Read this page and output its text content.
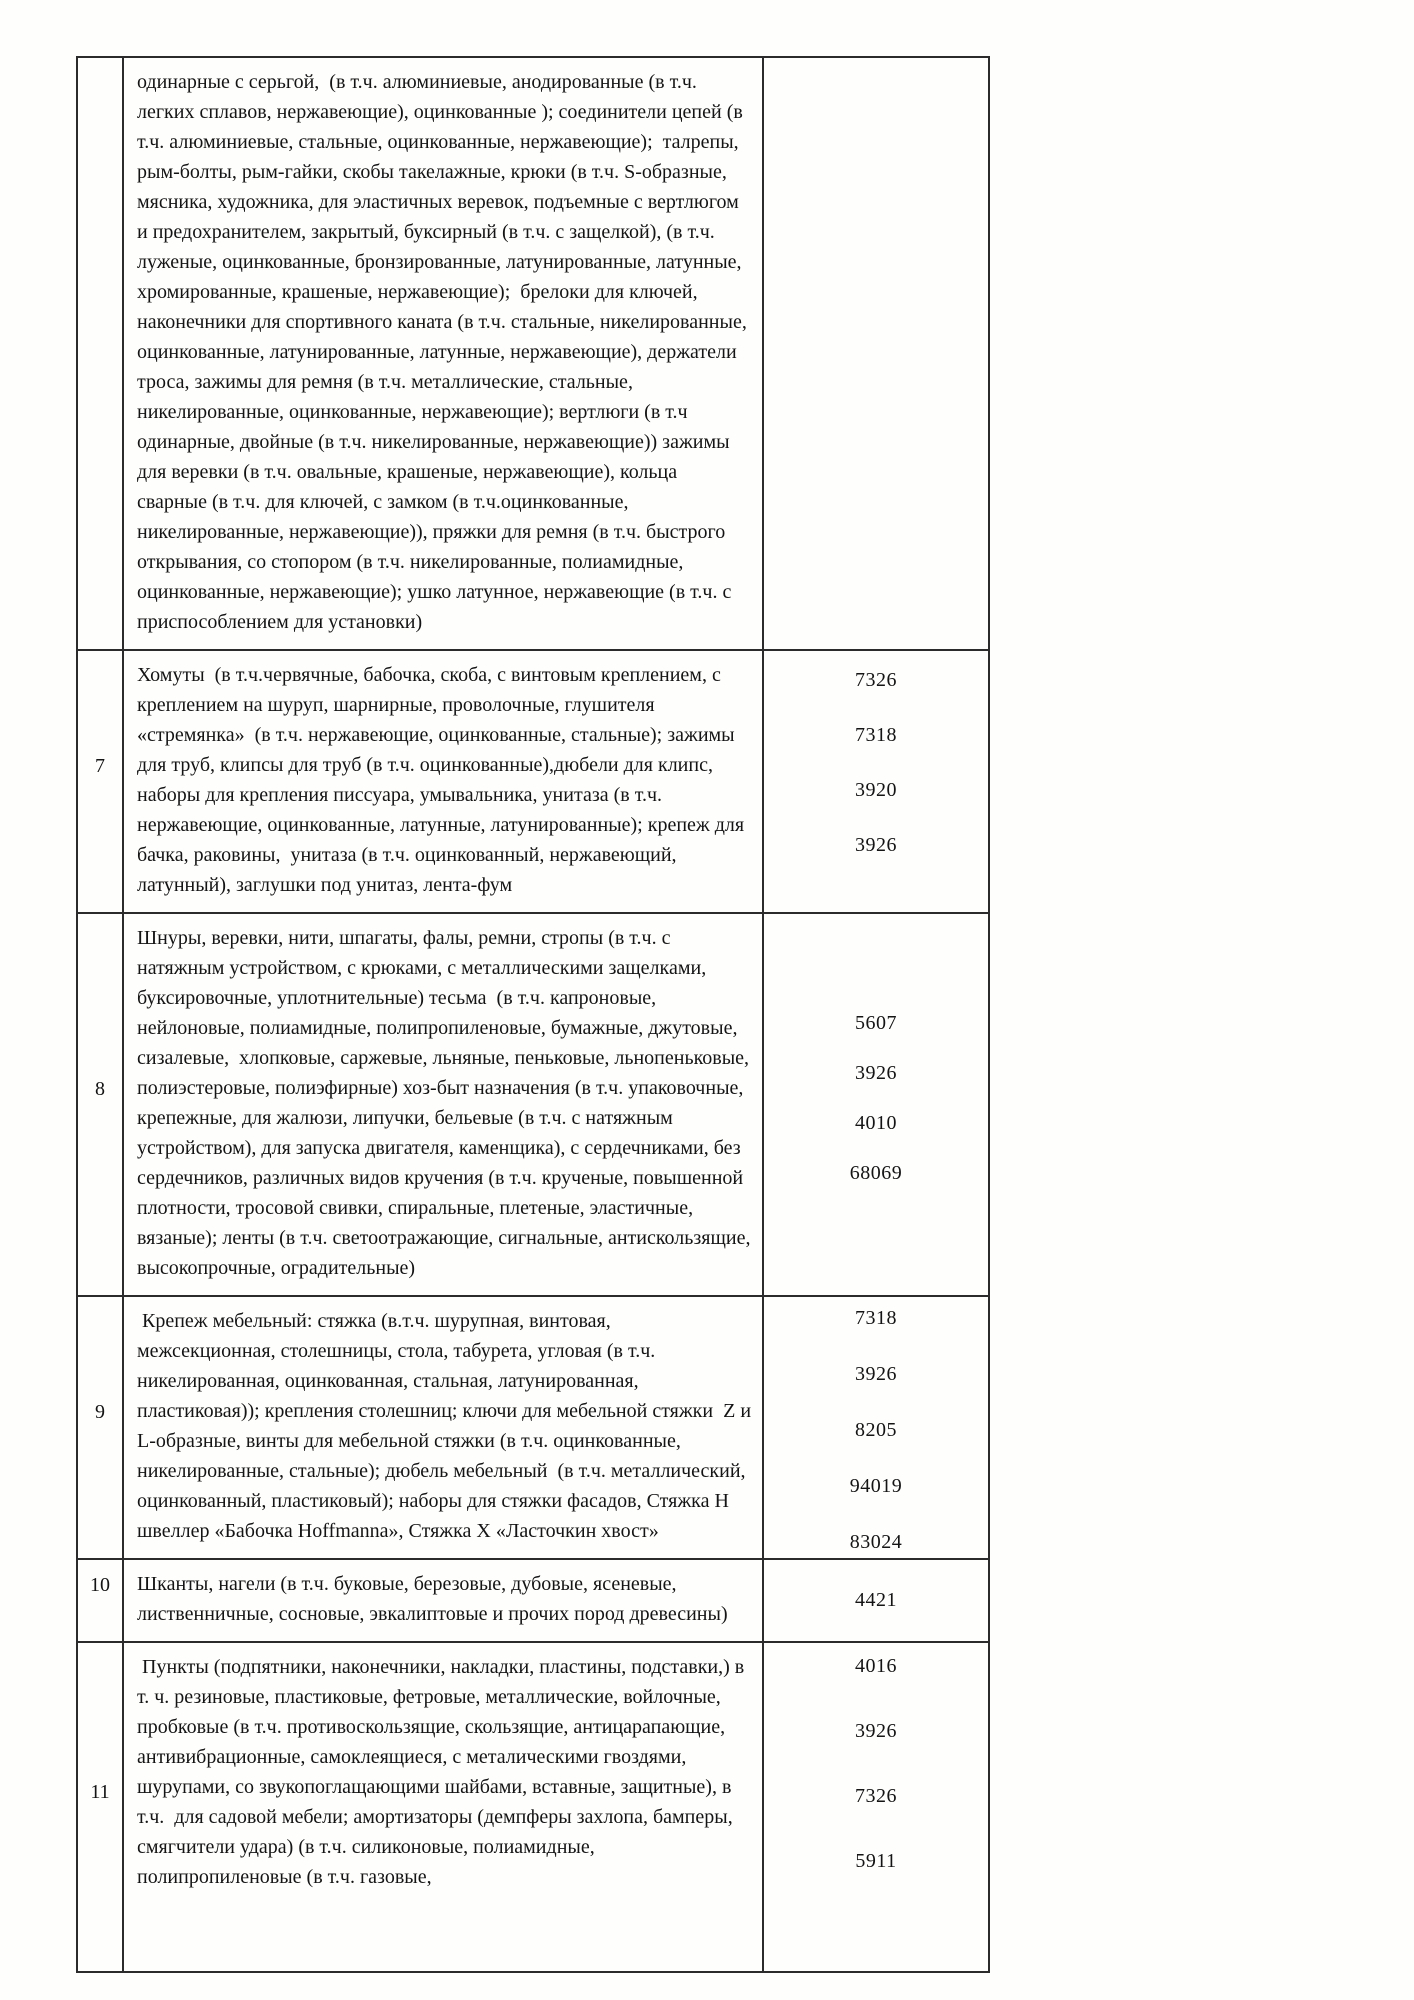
	одинарные с серьгой,  (в т.ч. алюминиевые, анодированные (в т.ч. легких сплавов, нержавеющие), оцинкованные ); соединители цепей (в т.ч. алюминиевые, стальные, оцинкованные, нержавеющие);  талрепы, рым-болты, рым-гайки, скобы такелажные, крюки (в т.ч. S-образные, мясника, художника, для эластичных веревок, подъемные с вертлюгом и предохранителем, закрытый, буксирный (в т.ч. с защелкой), (в т.ч. луженые, оцинкованные, бронзированные, латунированные, латунные, хромированные, крашеные, нержавеющие);  брелоки для ключей, наконечники для спортивного каната (в т.ч. стальные, никелированные, оцинкованные, латунированные, латунные, нержавеющие), держатели троса, зажимы для ремня (в т.ч. металлические, стальные, никелированные, оцинкованные, нержавеющие); вертлюги (в т.ч одинарные, двойные (в т.ч. никелированные, нержавеющие)) зажимы для веревки (в т.ч. овальные, крашеные, нержавеющие), кольца сварные (в т.ч. для ключей, с замком (в т.ч.оцинкованные, никелированные, нержавеющие)), пряжки для ремня (в т.ч. быстрого открывания, со стопором (в т.ч. никелированные, полиамидные, оцинкованные, нержавеющие); ушко латунное, нержавеющие (в т.ч. с приспособлением для установки)	

7	Хомуты  (в т.ч.червячные, бабочка, скоба, с винтовым креплением, с креплением на шуруп, шарнирные, проволочные, глушителя «стремянка»  (в т.ч. нержавеющие, оцинкованные, стальные); зажимы для труб, клипсы для труб (в т.ч. оцинкованные),дюбели для клипс, наборы для крепления писсуара, умывальника, унитаза (в т.ч. нержавеющие, оцинкованные, латунные, латунированные); крепеж для бачка, раковины,  унитаза (в т.ч. оцинкованный, нержавеющий, латунный), заглушки под унитаз, лента-фум	
7326
7318
3920
3926

8	Шнуры, веревки, нити, шпагаты, фалы, ремни, стропы (в т.ч. с натяжным устройством, с крюками, с металлическими защелками, буксировочные, уплотнительные) тесьма  (в т.ч. капроновые, нейлоновые, полиамидные, полипропиленовые, бумажные, джутовые, сизалевые,  хлопковые, саржевые, льняные, пеньковые, льнопеньковые, полиэстеровые, полиэфирные) хоз-быт назначения (в т.ч. упаковочные, крепежные, для жалюзи, липучки, бельевые (в т.ч. с натяжным устройством), для запуска двигателя, каменщика), с сердечниками, без сердечников, различных видов кручения (в т.ч. крученые, повышенной плотности, тросовой свивки, спиральные, плетеные, эластичные, вязаные); ленты (в т.ч. светоотражающие, сигнальные, антискользящие, высокопрочные, оградительные)	
5607
3926
4010
68069

9	Крепеж мебельный: стяжка (в.т.ч. шурупная, винтовая, межсекционная, столешницы, стола, табурета, угловая (в т.ч. никелированная, оцинкованная, стальная, латунированная, пластиковая)); крепления столешниц; ключи для мебельной стяжки  Z и L-образные, винты для мебельной стяжки (в т.ч. оцинкованные, никелированные, стальные); дюбель мебельный  (в т.ч. металлический, оцинкованный, пластиковый); наборы для стяжки фасадов, Стяжка Н швеллер «Бабочка Hoffmanna», Стяжка Х «Ласточкин хвост»	
7318
3926
8205
94019
83024

10	Шканты, нагели (в т.ч. буковые, березовые, дубовые, ясеневые, лиственничные, сосновые, эвкалиптовые и прочих пород древесины)	4421

11	Пункты (подпятники, наконечники, накладки, пластины, подставки,) в т. ч. резиновые, пластиковые, фетровые, металлические, войлочные, пробковые (в т.ч. противоскользящие, скользящие, антицарапающие, антивибрационные, самоклеящиеся, с металическими гвоздями, шурупами, со звукопоглащающими шайбами, вставные, защитные), в т.ч.  для садовой мебели; амортизаторы (демпферы захлопа, бамперы, смягчители удара) (в т.ч. силиконовые, полиамидные, полипропиленовые (в т.ч. газовые,	
4016
3926
7326
5911
